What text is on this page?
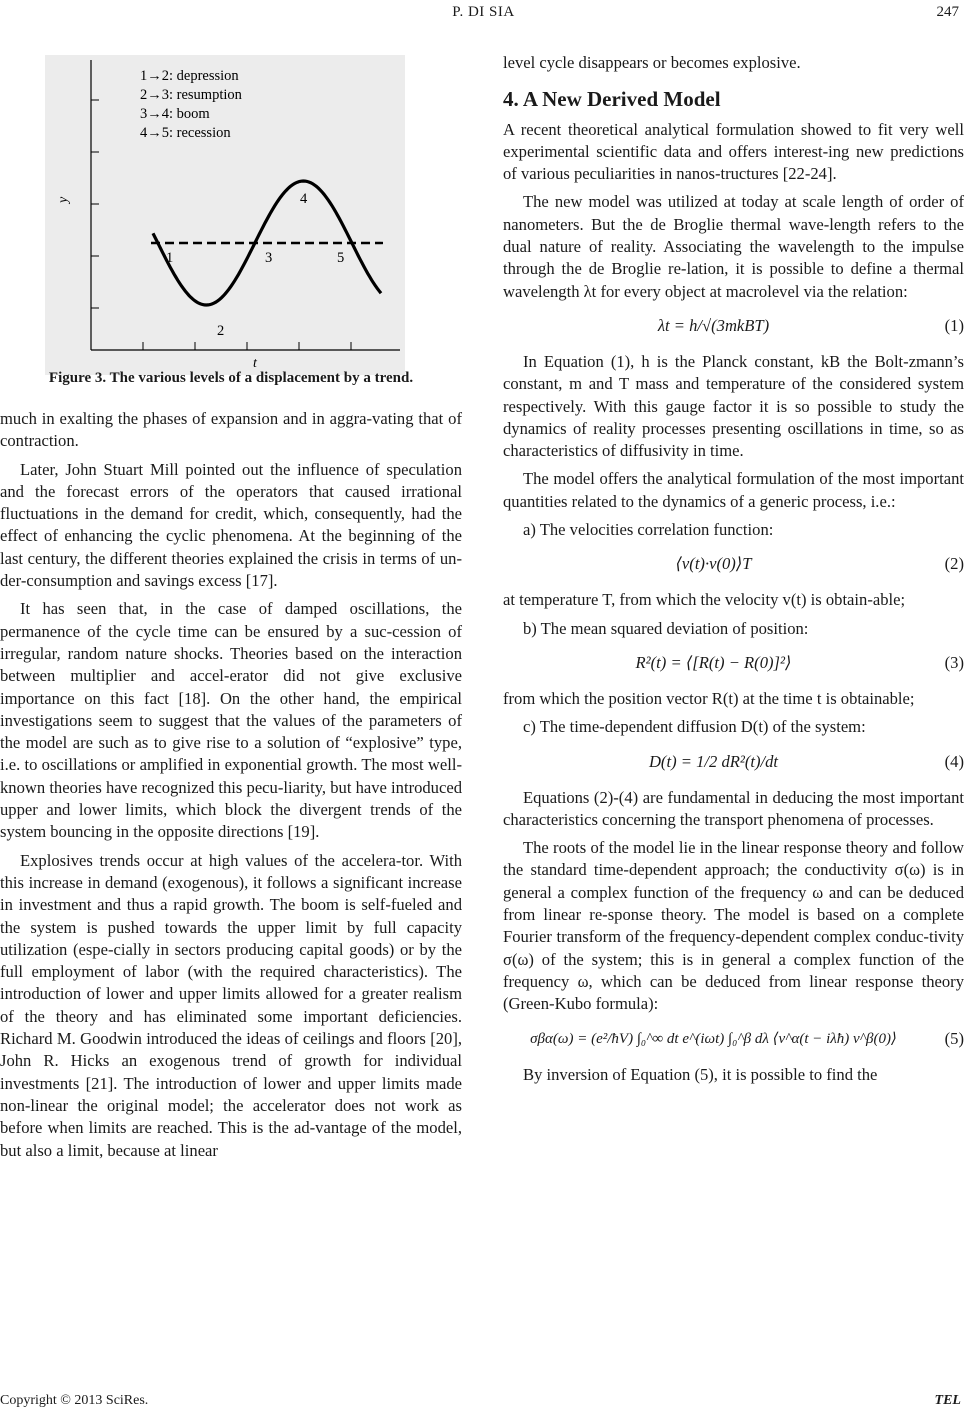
P. DI SIA	247
y
t
1→2: depression
2→3: resumption
3→4: boom
4→5: recession
1
2
3
4
5
Figure 3. The various levels of a displacement by a trend.

much in exalting the phases of expansion and in aggra-vating that of contraction.

Later, John Stuart Mill pointed out the influence of speculation and the forecast errors of the operators that caused irrational fluctuations in the demand for credit, which, consequently, had the effect of enhancing the cyclic phenomena. At the beginning of the last century, the different theories explained the crisis in terms of un-der-consumption and savings excess [17].

It has seen that, in the case of damped oscillations, the permanence of the cycle time can be ensured by a suc-cession of irregular, random nature shocks. Theories based on the interaction between multiplier and accel-erator did not give exclusive importance on this fact [18]. On the other hand, the empirical investigations seem to suggest that the values of the parameters of the model are such as to give rise to a solution of “explosive” type, i.e. to oscillations or amplified in exponential growth. The most well-known theories have recognized this pecu-liarity, but have introduced upper and lower limits, which block the divergent trends of the system bouncing in the opposite directions [19].

Explosives trends occur at high values of the accelera-tor. With this increase in demand (exogenous), it follows a significant increase in investment and thus a rapid growth. The boom is self-fueled and the system is pushed towards the upper limit by full capacity utilization (espe-cially in sectors producing capital goods) or by the full employment of labor (with the required characteristics). The introduction of lower and upper limits allowed for a greater realism of the theory and has eliminated some important deficiencies. Richard M. Goodwin introduced the ideas of ceilings and floors [20], John R. Hicks an exogenous trend of growth for individual investments [21]. The introduction of lower and upper limits made non-linear the original model; the accelerator does not work as before when limits are reached. This is the ad-vantage of the model, but also a limit, because at linear

level cycle disappears or becomes explosive.

4. A New Derived Model

A recent theoretical analytical formulation showed to fit very well experimental scientific data and offers interest-ing new predictions of various peculiarities in nanos-tructures [22-24].

The new model was utilized at today at scale length of order of nanometers. But the de Broglie thermal wave-length refers to the dual nature of reality. Associating the wavelength to the impulse through the de Broglie re-lation, it is possible to define a thermal wavelength λt for every object at macrolevel via the relation:

λt = h/√(3mkBT)	(1)

In Equation (1), h is the Planck constant, kB the Bolt-zmann’s constant, m and T mass and temperature of the considered system respectively. With this gauge factor it is so possible to study the dynamics of reality processes presenting oscillations in time, so as characteristics of diffusivity in time.

The model offers the analytical formulation of the most important quantities related to the dynamics of a generic process, i.e.:

a) The velocities correlation function:

⟨v(t)·v(0)⟩T	(2)

at temperature T, from which the velocity v(t) is obtain-able;

b) The mean squared deviation of position:

R²(t) = ⟨[R(t) − R(0)]²⟩	(3)

from which the position vector R(t) at the time t is obtainable;

c) The time-dependent diffusion D(t) of the system:

D(t) = 1/2 dR²(t)/dt	(4)

Equations (2)-(4) are fundamental in deducing the most important characteristics concerning the transport phenomena of processes.

The roots of the model lie in the linear response theory and follow the standard time-dependent approach; the conductivity σ(ω) is in general a complex function of the frequency ω and can be deduced from linear re-sponse theory. The model is based on a complete Fourier transform of the frequency-dependent complex conduc-tivity σ(ω) of the system; this is in general a complex function of the frequency ω, which can be deduced from linear response theory (Green-Kubo formula):

σβα(ω) = (e²/ħV) ∫₀^∞ dt e^(iωt) ∫₀^β dλ ⟨v^α(t − iλħ) v^β(0)⟩	(5)

By inversion of Equation (5), it is possible to find the

Copyright © 2013 SciRes.	TEL
